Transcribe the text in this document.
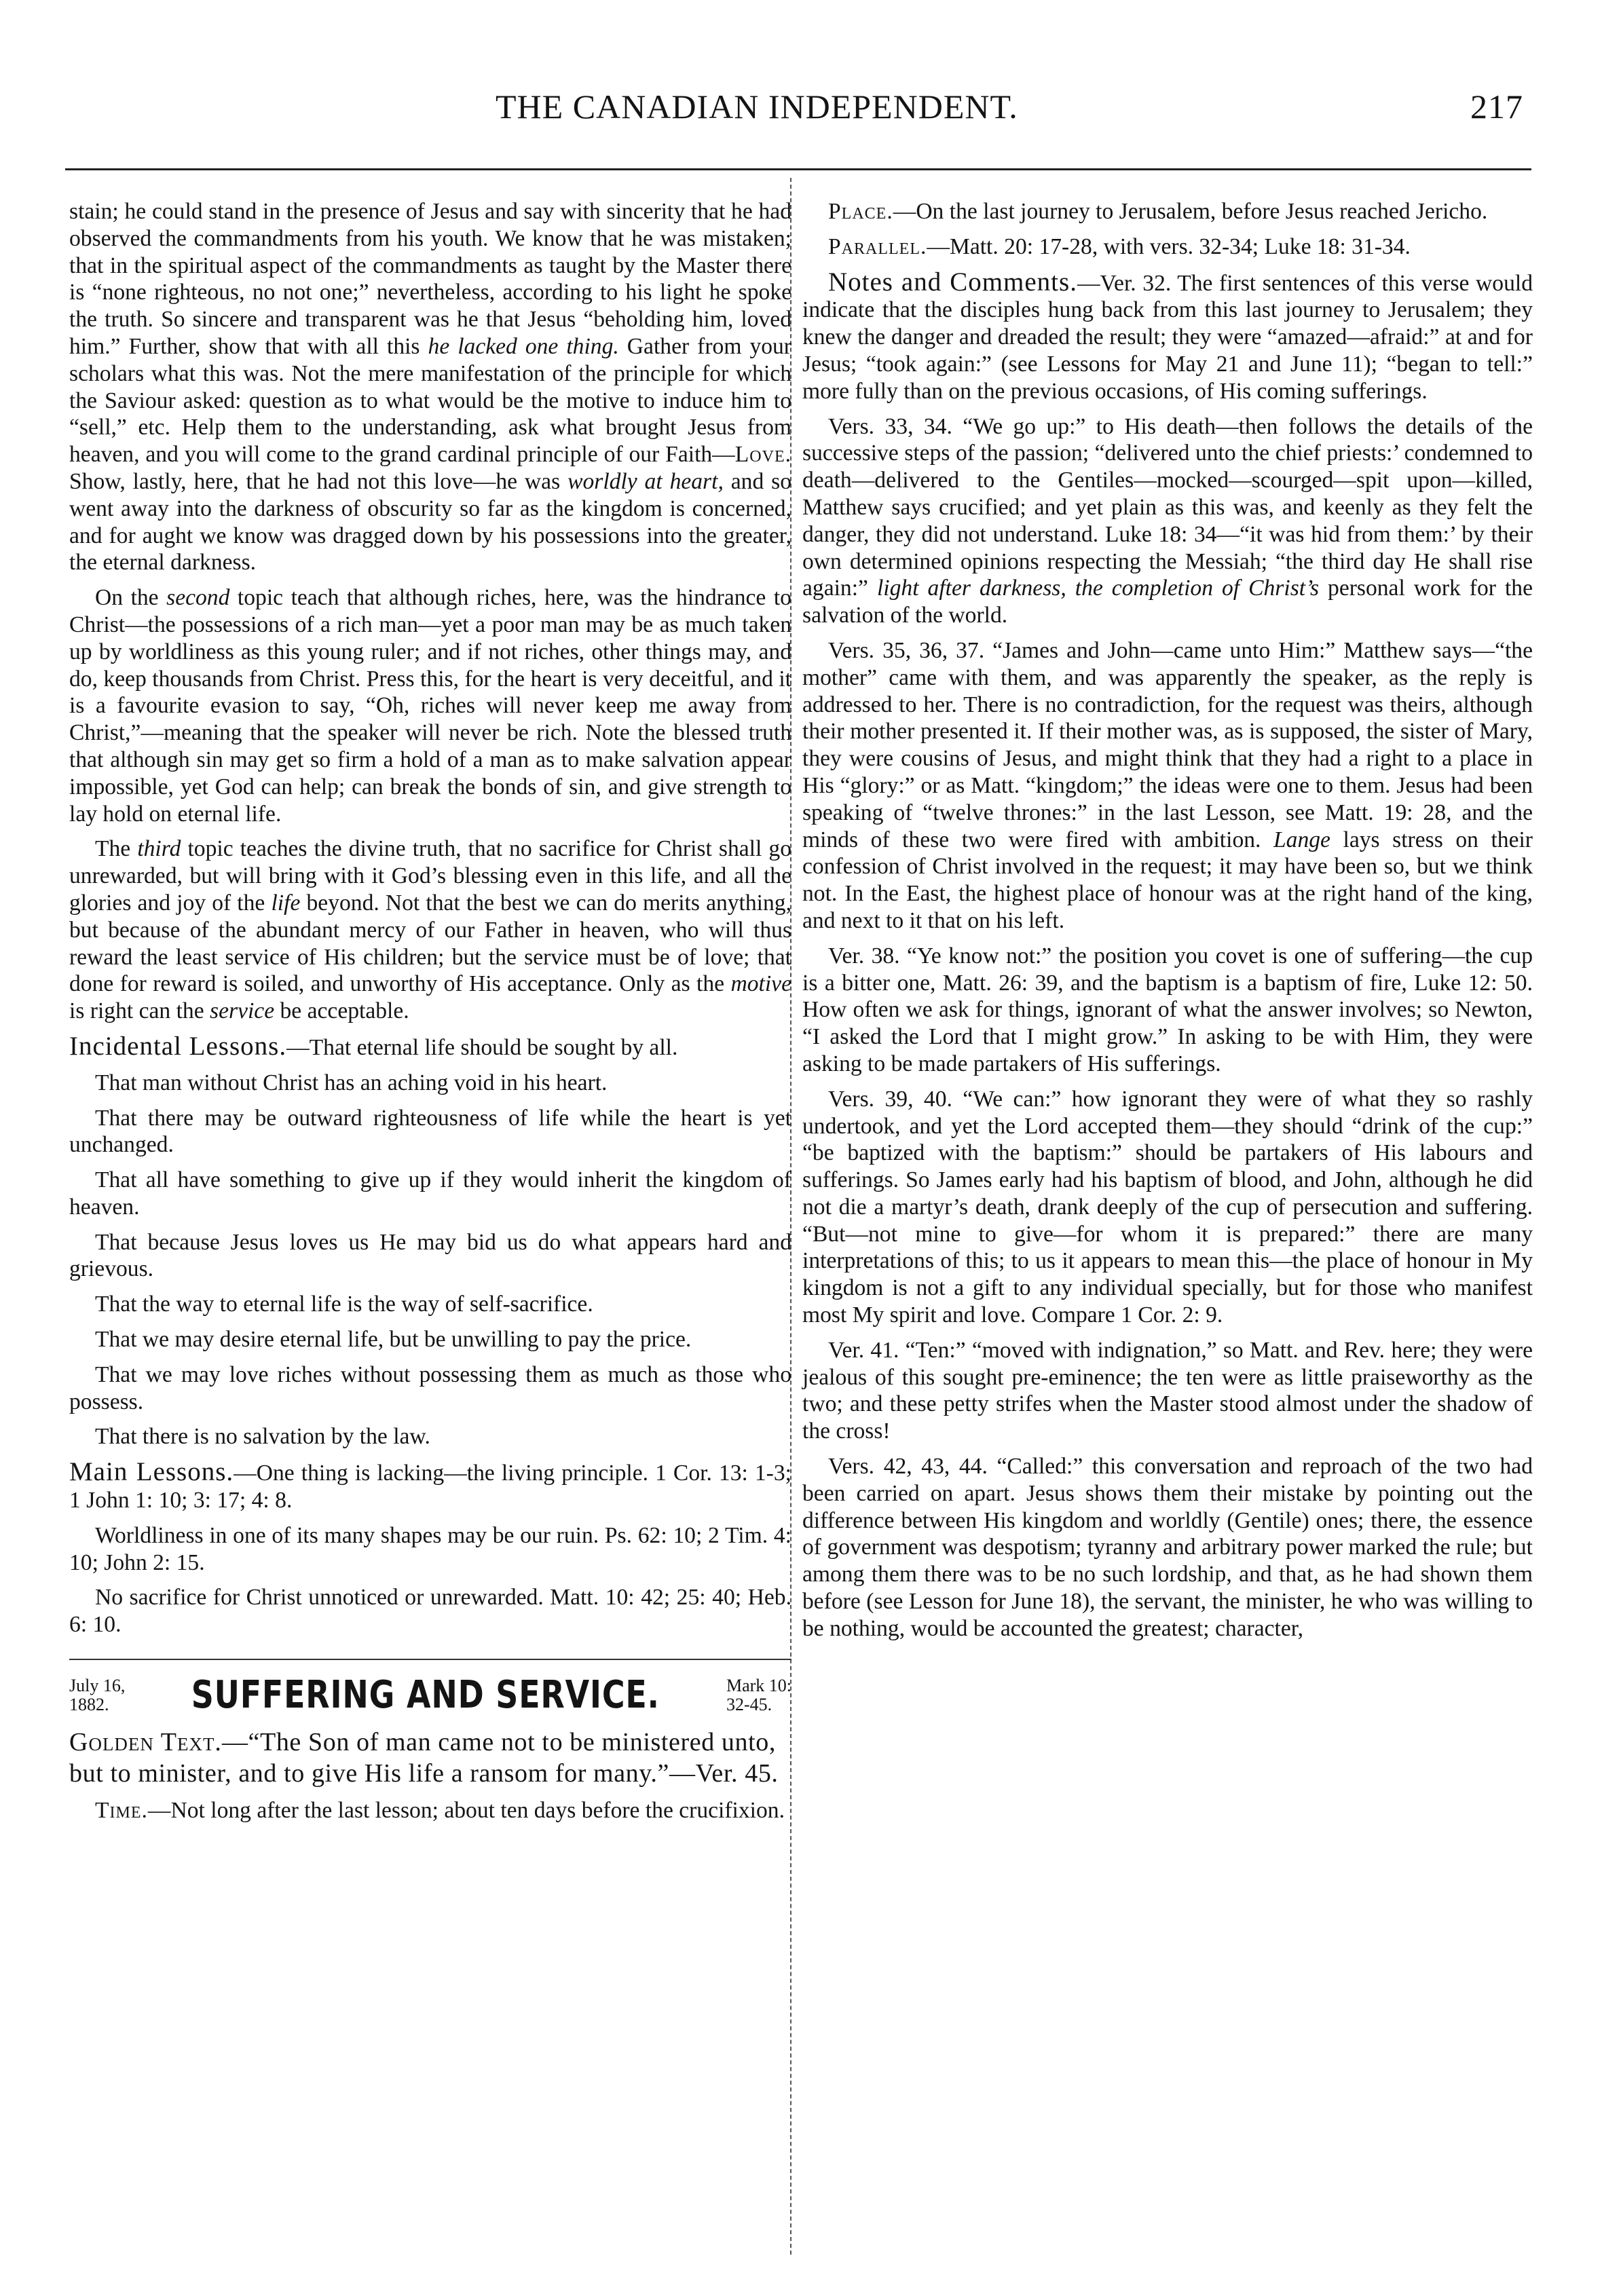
THE CANADIAN INDEPENDENT.	217

stain; he could stand in the presence of Jesus and say with sincerity that he had observed the commandments from his youth. We know that he was mistaken; that in the spiritual aspect of the commandments as taught by the Master there is “none righteous, no not one;” nevertheless, according to his light he spoke the truth. So sincere and transparent was he that Jesus “beholding him, loved him.” Further, show that with all this he lacked one thing. Gather from your scholars what this was. Not the mere manifestation of the principle for which the Saviour asked: question as to what would be the motive to induce him to “sell,” etc. Help them to the understanding, ask what brought Jesus from heaven, and you will come to the grand cardinal principle of our Faith—Love. Show, lastly, here, that he had not this love—he was worldly at heart, and so went away into the darkness of obscurity so far as the kingdom is concerned, and for aught we know was dragged down by his possessions into the greater, the eternal darkness.

On the second topic teach that although riches, here, was the hindrance to Christ—the possessions of a rich man—yet a poor man may be as much taken up by worldliness as this young ruler; and if not riches, other things may, and do, keep thousands from Christ. Press this, for the heart is very deceitful, and it is a favourite evasion to say, “Oh, riches will never keep me away from Christ,”—meaning that the speaker will never be rich. Note the blessed truth that although sin may get so firm a hold of a man as to make salvation appear impossible, yet God can help; can break the bonds of sin, and give strength to lay hold on eternal life.

The third topic teaches the divine truth, that no sacrifice for Christ shall go unrewarded, but will bring with it God’s blessing even in this life, and all the glories and joy of the life beyond. Not that the best we can do merits anything, but because of the abundant mercy of our Father in heaven, who will thus reward the least service of His children; but the service must be of love; that done for reward is soiled, and unworthy of His acceptance. Only as the motive is right can the service be acceptable.

Incidental Lessons.—That eternal life should be sought by all.

That man without Christ has an aching void in his heart.

That there may be outward righteousness of life while the heart is yet unchanged.

That all have something to give up if they would inherit the kingdom of heaven.

That because Jesus loves us He may bid us do what appears hard and grievous.

That the way to eternal life is the way of self-sacrifice.

That we may desire eternal life, but be unwilling to pay the price.

That we may love riches without possessing them as much as those who possess.

That there is no salvation by the law.

Main Lessons.—One thing is lacking—the living principle. 1 Cor. 13: 1-3; 1 John 1: 10; 3: 17; 4: 8.

Worldliness in one of its many shapes may be our ruin. Ps. 62: 10; 2 Tim. 4: 10; John 2: 15.

No sacrifice for Christ unnoticed or unrewarded. Matt. 10: 42; 25: 40; Heb. 6: 10.

July 16,
1882.	SUFFERING AND SERVICE.	Mark 10:
32-45.

Golden Text.—“The Son of man came not to be ministered unto, but to minister, and to give His life a ransom for many.”—Ver. 45.

Time.—Not long after the last lesson; about ten days before the crucifixion.

Place.—On the last journey to Jerusalem, before Jesus reached Jericho.

Parallel.—Matt. 20: 17-28, with vers. 32-34; Luke 18: 31-34.

Notes and Comments.—Ver. 32. The first sentences of this verse would indicate that the disciples hung back from this last journey to Jerusalem; they knew the danger and dreaded the result; they were “amazed—afraid:” at and for Jesus; “took again:” (see Lessons for May 21 and June 11); “began to tell:” more fully than on the previous occasions, of His coming sufferings.

Vers. 33, 34. “We go up:” to His death—then follows the details of the successive steps of the passion; “delivered unto the chief priests:’ condemned to death—delivered to the Gentiles—mocked—scourged—spit upon—killed, Matthew says crucified; and yet plain as this was, and keenly as they felt the danger, they did not understand. Luke 18: 34—“it was hid from them:’ by their own determined opinions respecting the Messiah; “the third day He shall rise again:” light after darkness, the completion of Christ’s personal work for the salvation of the world.

Vers. 35, 36, 37. “James and John—came unto Him:” Matthew says—“the mother” came with them, and was apparently the speaker, as the reply is addressed to her. There is no contradiction, for the request was theirs, although their mother presented it. If their mother was, as is supposed, the sister of Mary, they were cousins of Jesus, and might think that they had a right to a place in His “glory:” or as Matt. “kingdom;” the ideas were one to them. Jesus had been speaking of “twelve thrones:” in the last Lesson, see Matt. 19: 28, and the minds of these two were fired with ambition. Lange lays stress on their confession of Christ involved in the request; it may have been so, but we think not. In the East, the highest place of honour was at the right hand of the king, and next to it that on his left.

Ver. 38. “Ye know not:” the position you covet is one of suffering—the cup is a bitter one, Matt. 26: 39, and the baptism is a baptism of fire, Luke 12: 50. How often we ask for things, ignorant of what the answer involves; so Newton, “I asked the Lord that I might grow.” In asking to be with Him, they were asking to be made partakers of His sufferings.

Vers. 39, 40. “We can:” how ignorant they were of what they so rashly undertook, and yet the Lord accepted them—they should “drink of the cup:” “be baptized with the baptism:” should be partakers of His labours and sufferings. So James early had his baptism of blood, and John, although he did not die a martyr’s death, drank deeply of the cup of persecution and suffering. “But—not mine to give—for whom it is prepared:” there are many interpretations of this; to us it appears to mean this—the place of honour in My kingdom is not a gift to any individual specially, but for those who manifest most My spirit and love. Compare 1 Cor. 2: 9.

Ver. 41. “Ten:” “moved with indignation,” so Matt. and Rev. here; they were jealous of this sought pre-eminence; the ten were as little praiseworthy as the two; and these petty strifes when the Master stood almost under the shadow of the cross!

Vers. 42, 43, 44. “Called:” this conversation and reproach of the two had been carried on apart. Jesus shows them their mistake by pointing out the difference between His kingdom and worldly (Gentile) ones; there, the essence of government was despotism; tyranny and arbitrary power marked the rule; but among them there was to be no such lordship, and that, as he had shown them before (see Lesson for June 18), the servant, the minister, he who was willing to be nothing, would be accounted the greatest; character,
